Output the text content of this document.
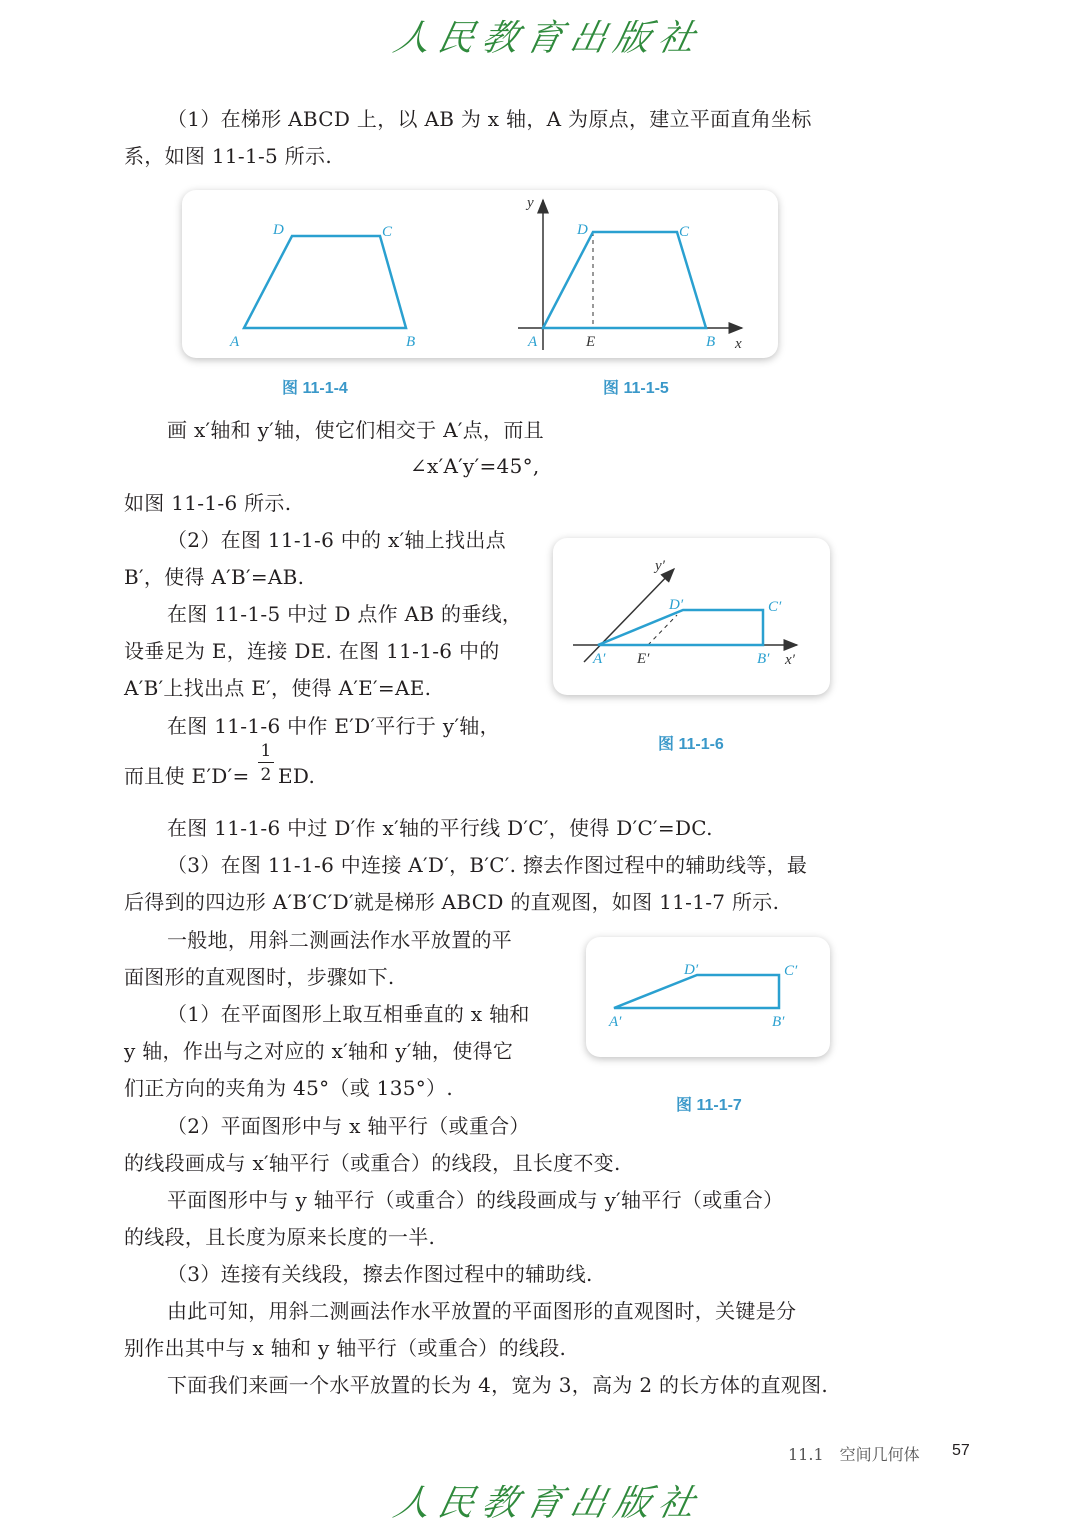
人民教育出版社
（1）在梯形 ABCD 上，以 AB 为 x 轴，A 为原点，建立平面直角坐标
系，如图 11-1-5 所示.
A	B
C
D
A	B
C
D
E	x
y
图 11-1-4	图 11-1-5
画 x′轴和 y′轴，使它们相交于 A′点，而且
∠x′A′y′=45°,
如图 11-1-6 所示.
（2）在图 11-1-6 中的 x′轴上找出点
B′，使得 A′B′=AB.
在图 11-1-5 中过 D 点作 AB 的垂线，
设垂足为 E，连接 DE. 在图 11-1-6 中的
A′B′上找出点 E′，使得 A′E′=AE.
在图 11-1-6 中作 E′D′平行于 y′轴，
而且使 E′D′=
1
2 ED.
A′	B′
C′
D′
E′	x′
y′
图 11-1-6
在图 11-1-6 中过 D′作 x′轴的平行线 D′C′，使得 D′C′=DC.
（3）在图 11-1-6 中连接 A′D′，B′C′. 擦去作图过程中的辅助线等，最
后得到的四边形 A′B′C′D′就是梯形 ABCD 的直观图，如图 11-1-7 所示.
一般地，用斜二测画法作水平放置的平
面图形的直观图时，步骤如下.
（1）在平面图形上取互相垂直的 x 轴和
y 轴，作出与之对应的 x′轴和 y′轴，使得它
们正方向的夹角为 45°（或 135°）.
A′	B′
C′
D′
图 11-1-7
（2）平面图形中与 x 轴平行（或重合）
的线段画成与 x′轴平行（或重合）的线段，且长度不变.
平面图形中与 y 轴平行（或重合）的线段画成与 y′轴平行（或重合）
的线段，且长度为原来长度的一半.
（3）连接有关线段，擦去作图过程中的辅助线.
由此可知，用斜二测画法作水平放置的平面图形的直观图时，关键是分
别作出其中与 x 轴和 y 轴平行（或重合）的线段.
下面我们来画一个水平放置的长为 4，宽为 3，高为 2 的长方体的直观图.
11.1　空间几何体 57
人民教育出版社
